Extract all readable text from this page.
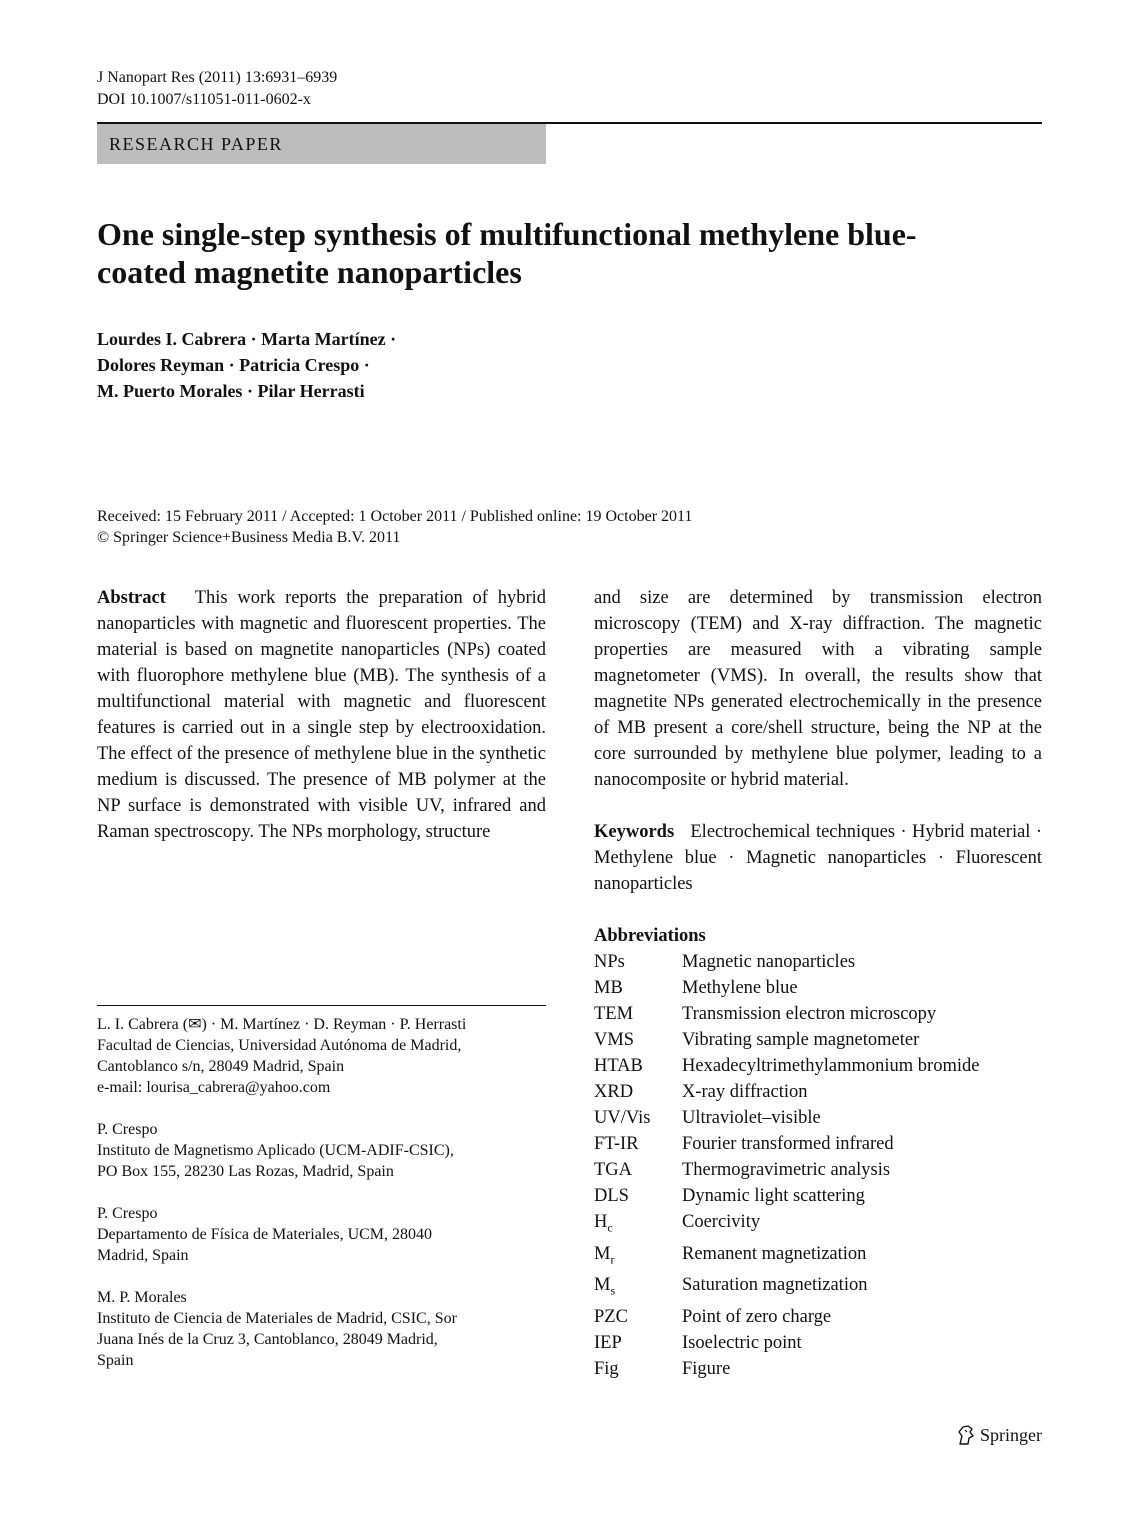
J Nanopart Res (2011) 13:6931–6939
DOI 10.1007/s11051-011-0602-x
RESEARCH PAPER
One single-step synthesis of multifunctional methylene blue-coated magnetite nanoparticles
Lourdes I. Cabrera · Marta Martínez ·
Dolores Reyman · Patricia Crespo ·
M. Puerto Morales · Pilar Herrasti
Received: 15 February 2011 / Accepted: 1 October 2011 / Published online: 19 October 2011
© Springer Science+Business Media B.V. 2011

Abstract This work reports the preparation of hybrid nanoparticles with magnetic and fluorescent properties. The material is based on magnetite nanoparticles (NPs) coated with fluorophore methylene blue (MB). The synthesis of a multifunctional material with magnetic and fluorescent features is carried out in a single step by electrooxidation. The effect of the presence of methylene blue in the synthetic medium is discussed. The presence of MB polymer at the NP surface is demonstrated with visible UV, infrared and Raman spectroscopy. The NPs morphology, structure

and size are determined by transmission electron microscopy (TEM) and X-ray diffraction. The magnetic properties are measured with a vibrating sample magnetometer (VMS). In overall, the results show that magnetite NPs generated electrochemically in the presence of MB present a core/shell structure, being the NP at the core surrounded by methylene blue polymer, leading to a nanocomposite or hybrid material.

Keywords Electrochemical techniques · Hybrid material · Methylene blue · Magnetic nanoparticles · Fluorescent nanoparticles

Abbreviations
NPs	Magnetic nanoparticles
MB	Methylene blue
TEM	Transmission electron microscopy
VMS	Vibrating sample magnetometer
HTAB	Hexadecyltrimethylammonium bromide
XRD	X-ray diffraction
UV/Vis	Ultraviolet–visible
FT-IR	Fourier transformed infrared
TGA	Thermogravimetric analysis
DLS	Dynamic light scattering
$H_c$	Coercivity
$M_r$	Remanent magnetization
$M_s$	Saturation magnetization
PZC	Point of zero charge
IEP	Isoelectric point
Fig	Figure

L. I. Cabrera (✉) · M. Martínez · D. Reyman · P. Herrasti

Facultad de Ciencias, Universidad Autónoma de Madrid,

Cantoblanco s/n, 28049 Madrid, Spain

e-mail: lourisa_cabrera@yahoo.com

P. Crespo

Instituto de Magnetismo Aplicado (UCM-ADIF-CSIC),

PO Box 155, 28230 Las Rozas, Madrid, Spain

P. Crespo

Departamento de Física de Materiales, UCM, 28040

Madrid, Spain

M. P. Morales

Instituto de Ciencia de Materiales de Madrid, CSIC, Sor

Juana Inés de la Cruz 3, Cantoblanco, 28049 Madrid,

Spain

Springer
